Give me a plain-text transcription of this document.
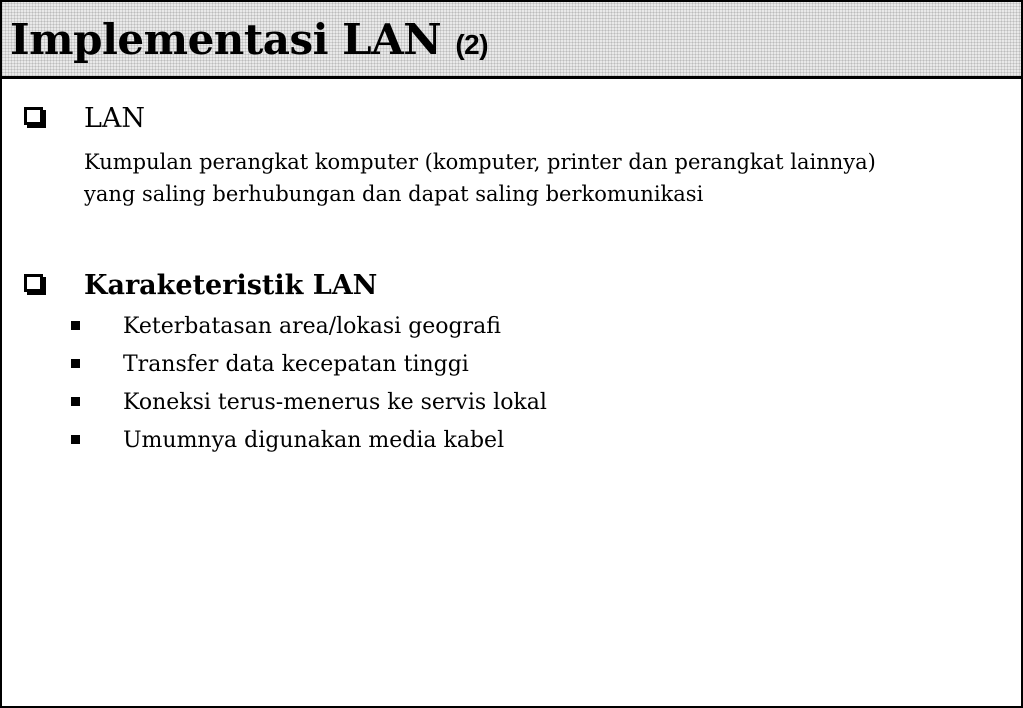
Implementasi LAN (2)
LAN
Kumpulan perangkat komputer (komputer, printer dan perangkat lainnya)
yang saling berhubungan dan dapat saling berkomunikasi
Karaketeristik LAN
Keterbatasan area/lokasi geografi
Transfer data kecepatan tinggi
Koneksi terus-menerus ke servis lokal
Umumnya digunakan media kabel
